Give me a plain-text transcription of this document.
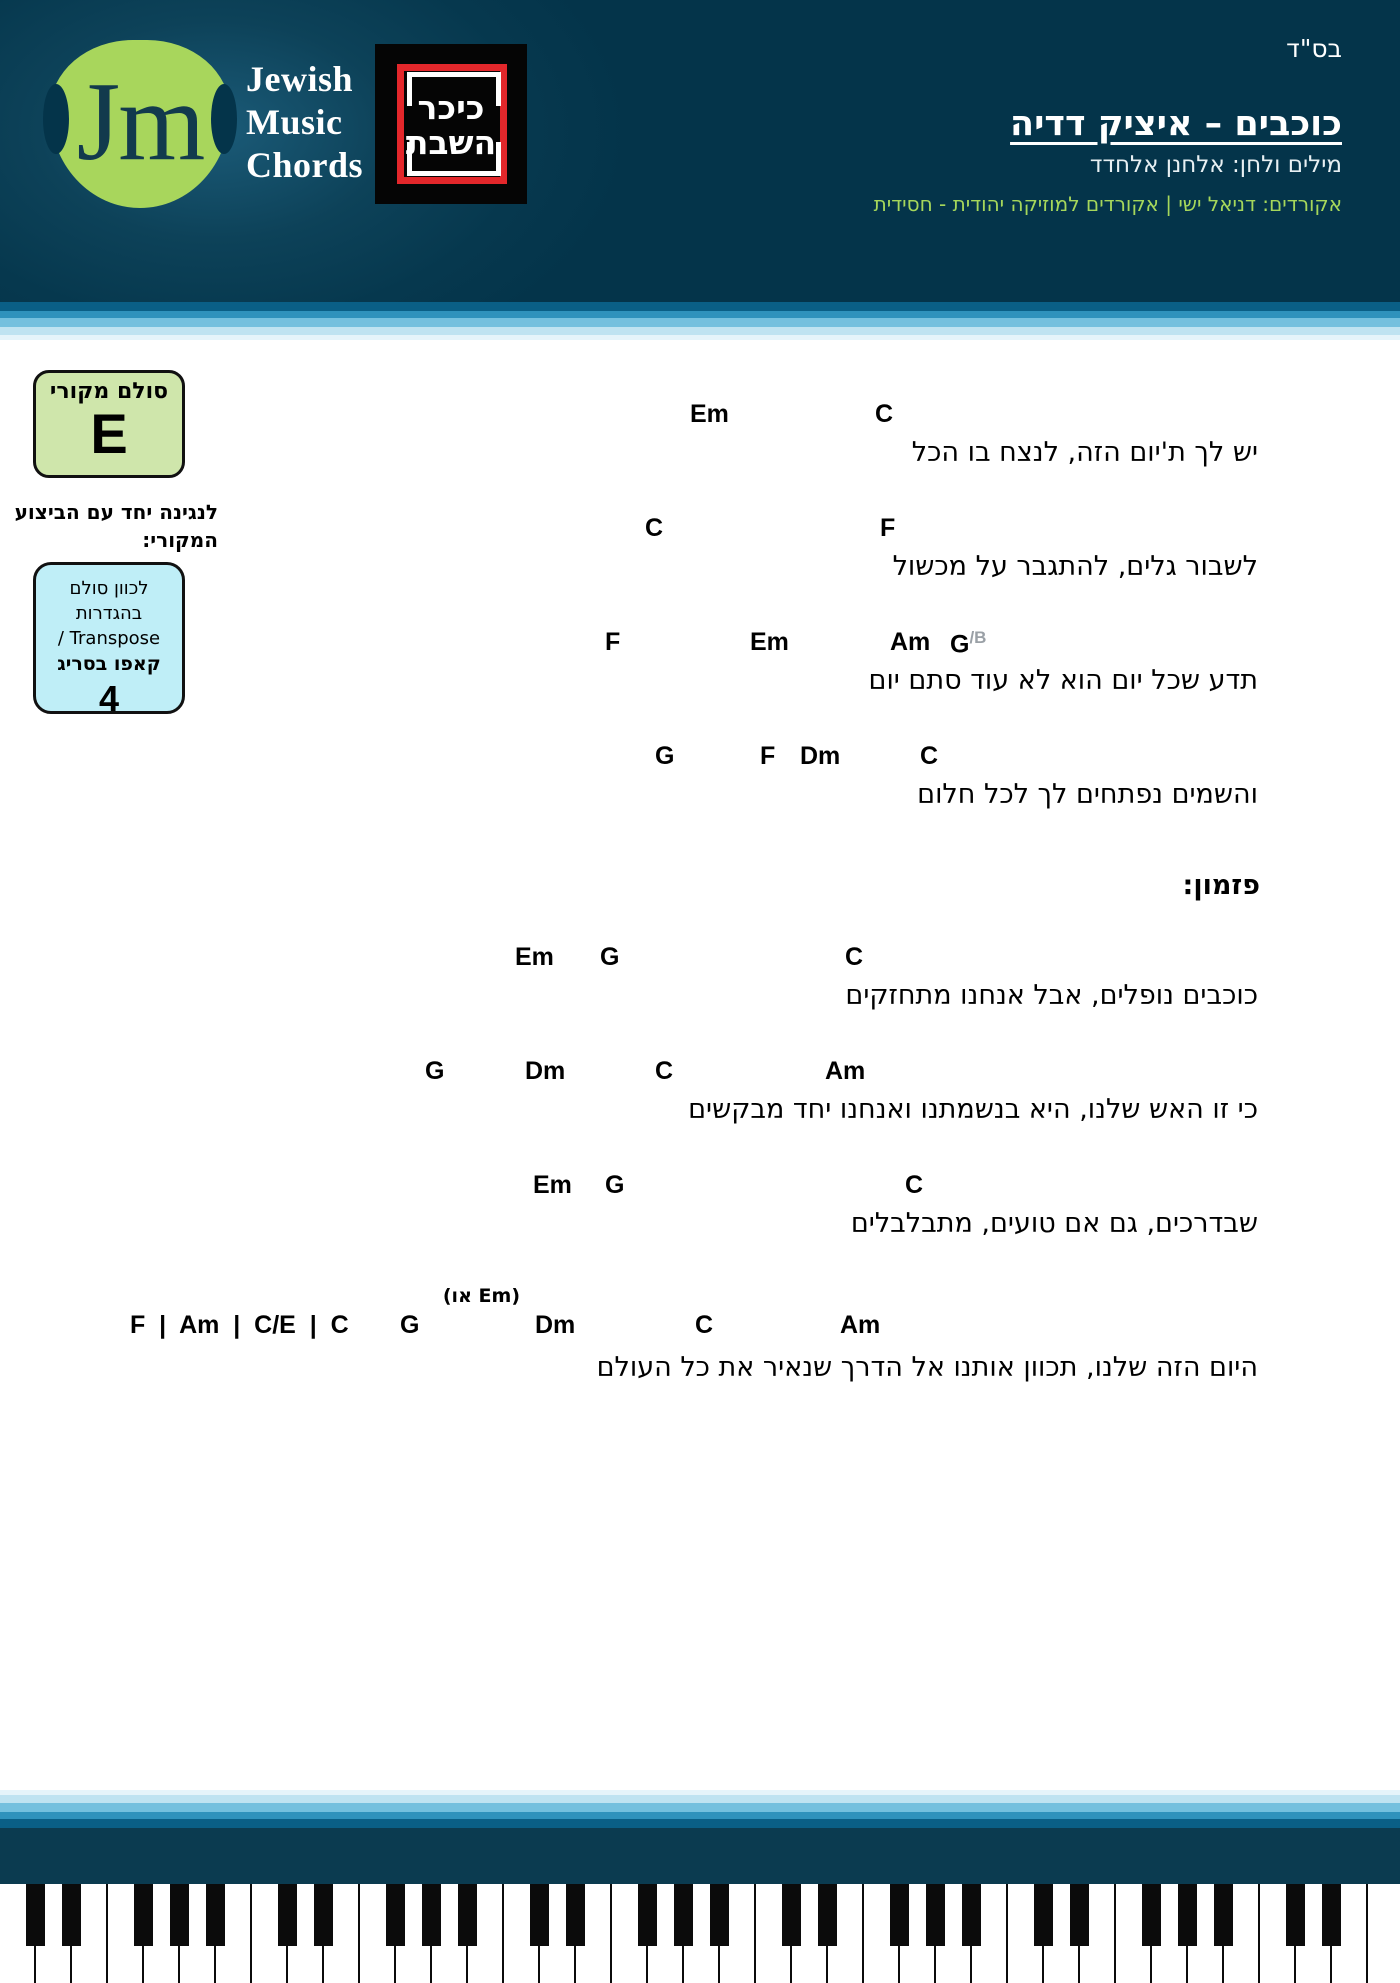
Jm	Jewish
Music
Chords
כיכר
השבת
בס"ד
כוכבים – איציק דדיה
מילים ולחן: אלחנן אלחדד
אקורדים: דניאל ישי | אקורדים למוזיקה יהודית - חסידית
סולם מקורי
E
לנגינה יחד עם הביצוע המקורי:
לכוון סולם
בהגדרות
/ Transpose
קאפו בסריג
4
Em	C
יש לך ת'יום הזה, לנצח בו הכל
C	F
לשבור גלים, להתגבר על מכשול
F	Em	Am $G^{/B}$
תדע שכל יום הוא לא עוד סתם יום
G	F Dm	C
והשמים נפתחים לך לכל חלום
פזמון:
Em G	C
כוכבים נופלים, אבל אנחנו מתחזקים
G	Dm	C	Am
כי זו האש שלנו, היא בנשמתנו ואנחנו יחד מבקשים
Em G	C
שבדרכים, גם אם טועים, מתבלבלים
(Em או)
F  |  Am  |  C/E  |  C G	Dm	C	Am
היום הזה שלנו, תכוון אותנו אל הדרך שנאיר את כל העולם
